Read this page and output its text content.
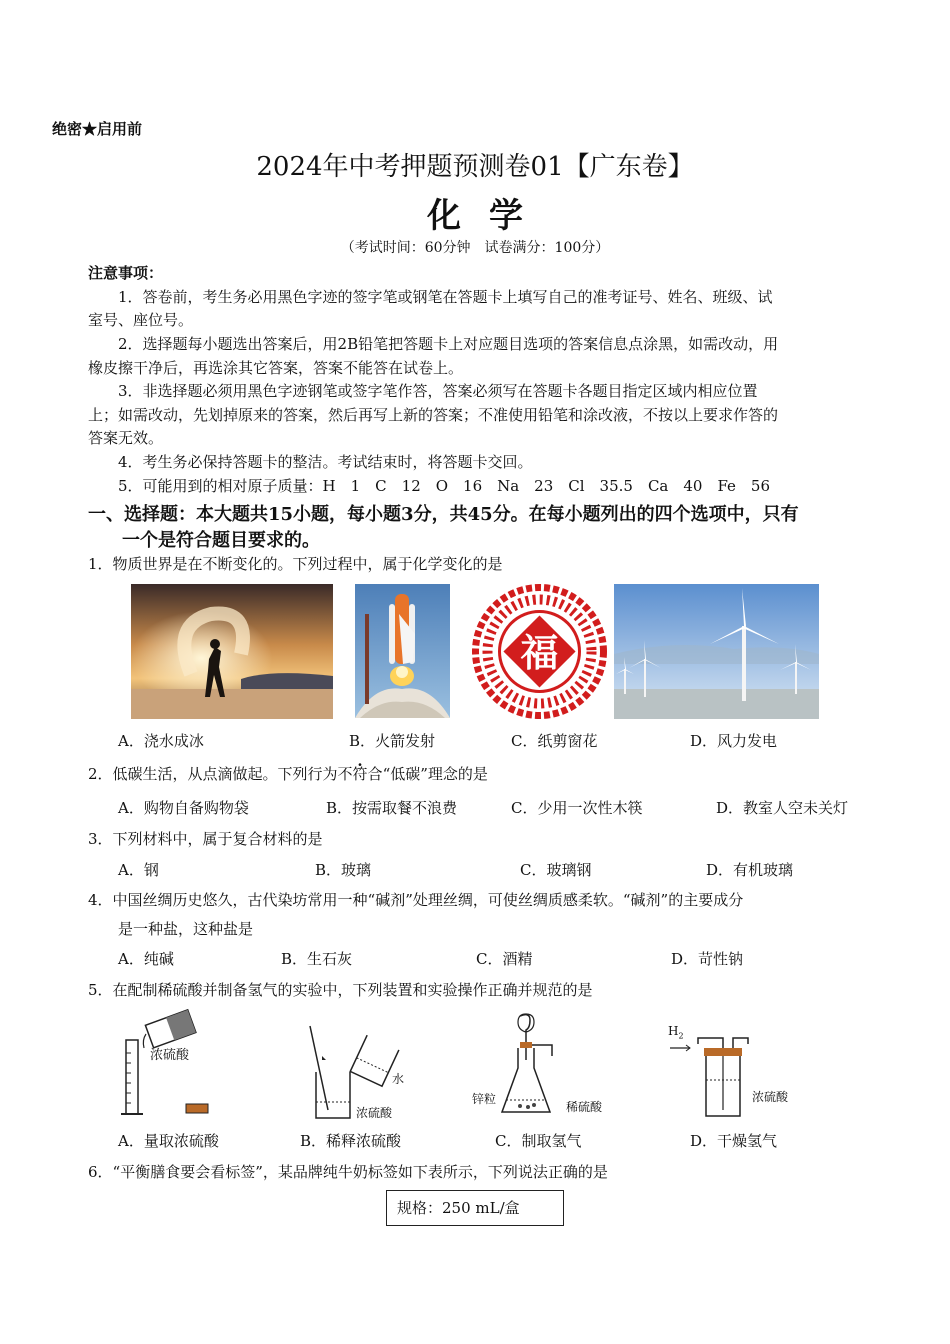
绝密★启用前
2024年中考押题预测卷01【广东卷】
化学
（考试时间：60分钟　试卷满分：100分）
注意事项：
1．答卷前，考生务必用黑色字迹的签字笔或钢笔在答题卡上填写自己的准考证号、姓名、班级、试
室号、座位号。
2．选择题每小题选出答案后，用2B铅笔把答题卡上对应题目选项的答案信息点涂黑，如需改动，用
橡皮擦干净后，再选涂其它答案，答案不能答在试卷上。
3．非选择题必须用黑色字迹钢笔或签字笔作答，答案必须写在答题卡各题目指定区域内相应位置
上；如需改动，先划掉原来的答案，然后再写上新的答案；不准使用铅笔和涂改液，不按以上要求作答的
答案无效。
4．考生务必保持答题卡的整洁。考试结束时，将答题卡交回。
5．可能用到的相对原子质量：H　1　C　12　O　16　Na　23　Cl　35.5　Ca　40　Fe　56
一、选择题：本大题共15小题，每小题3分，共45分。在每小题列出的四个选项中，只有
一个是符合题目要求的。
1．物质世界是在不断变化的。下列过程中，属于化学变化的是
福
A．浇水成冰	B．火箭发射	C．纸剪窗花	D．风力发电
2．低碳生活，从点滴做起。下列行为不符合“低碳”理念的是
A．购物自备购物袋	B．按需取餐不浪费	C．少用一次性木筷	D．教室人空未关灯
3．下列材料中，属于复合材料的是
A．钢	B．玻璃	C．玻璃钢	D．有机玻璃
4．中国丝绸历史悠久，古代染坊常用一种“碱剂”处理丝绸，可使丝绸质感柔软。“碱剂”的主要成分
是一种盐，这种盐是
A．纯碱	B．生石灰	C．酒精	D．苛性钠
5．在配制稀硫酸并制备氢气的实验中，下列装置和实验操作正确并规范的是
浓硫酸
水
浓硫酸
锌粒
稀硫酸
$H_2$
浓硫酸
A．量取浓硫酸	B．稀释浓硫酸	C．制取氢气	D．干燥氢气
6．“平衡膳食要会看标签”，某品牌纯牛奶标签如下表所示，下列说法正确的是
规格：250 mL/盒
